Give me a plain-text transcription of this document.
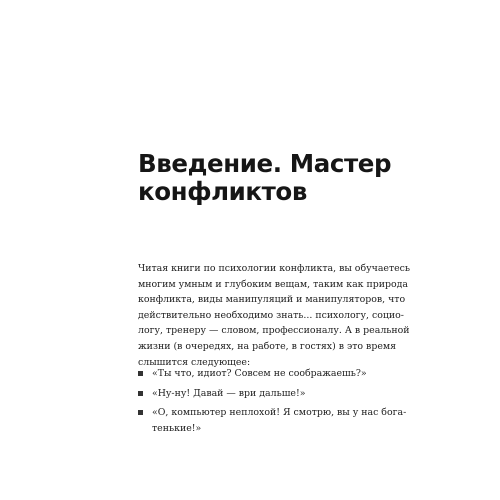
Введение. Мастер
конфликтов
Читая книги по психологии конфликта, вы обучаетесь
многим умным и глубоким вещам, таким как природа
конфликта, виды манипуляций и манипуляторов, что
действительно необходимо знать... психологу, социо-
логу, тренеру — словом, профессионалу. А в реальной
жизни (в очередях, на работе, в гостях) в это время
слышится следующее:
«Ты что, идиот? Совсем не соображаешь?»
«Ну-ну! Давай — ври дальше!»
«О, компьютер неплохой! Я смотрю, вы у нас бога-
тенькие!»
